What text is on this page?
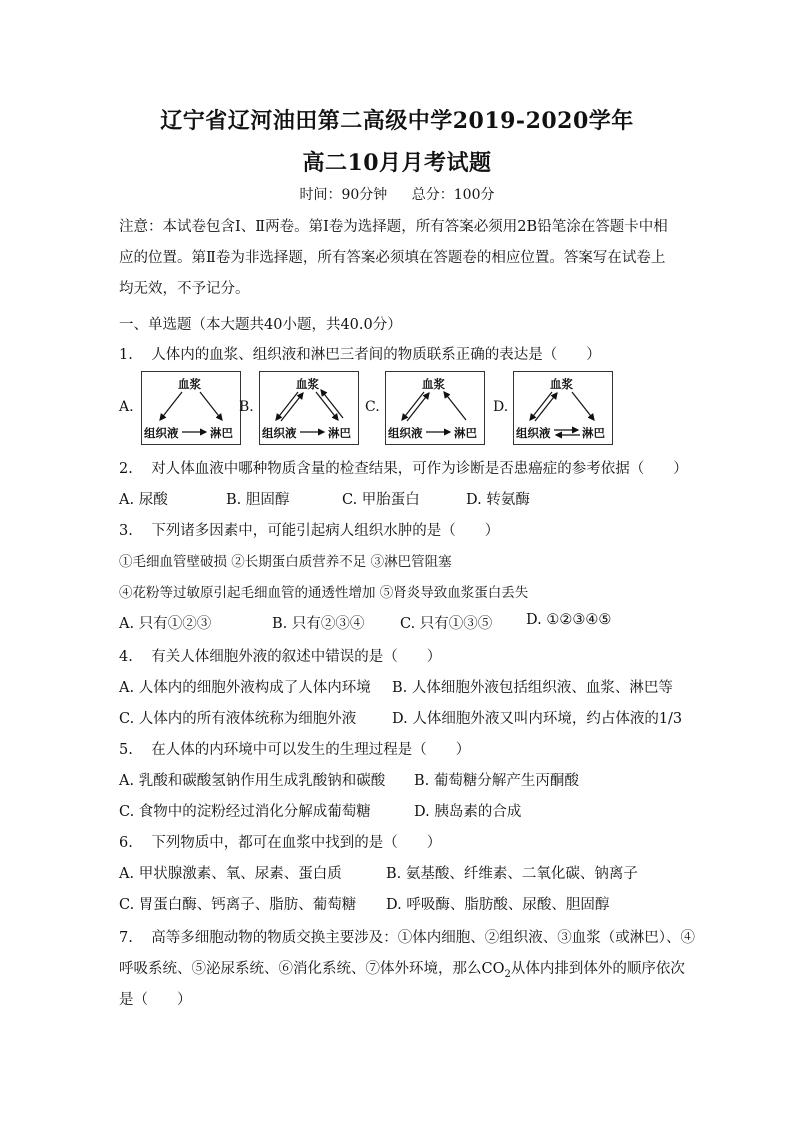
辽宁省辽河油田第二高级中学2019-2020学年
高二10月月考试题
时间：90分钟 总分：100分
注意：本试卷包含Ⅰ、Ⅱ两卷。第Ⅰ卷为选择题，所有答案必须用2B铅笔涂在答题卡中相应的位置。第Ⅱ卷为非选择题，所有答案必须填在答题卷的相应位置。答案写在试卷上均无效，不予记分。
一、单选题（本大题共40小题，共40.0分）
1. 人体内的血浆、组织液和淋巴三者间的物质联系正确的表达是（　　）
A.
血浆
组织液	淋巴
B.
血浆
组织液	淋巴
C.
血浆
组织液	淋巴
D.
血浆
组织液	淋巴
2. 对人体血液中哪种物质含量的检查结果，可作为诊断是否患癌症的参考依据（　　）
A. 尿酸	B. 胆固醇	C. 甲胎蛋白	D. 转氨酶
3. 下列诸多因素中，可能引起病人组织水肿的是（　　）
①毛细血管壁破损 ②长期蛋白质营养不足 ③淋巴管阻塞
④花粉等过敏原引起毛细血管的通透性增加 ⑤肾炎导致血浆蛋白丢失
A. 只有①②③	B. 只有②③④ C. 只有①③⑤ D. ①②③④⑤
4. 有关人体细胞外液的叙述中错误的是（　　）
A. 人体内的细胞外液构成了人体内环境 B. 人体细胞外液包括组织液、血浆、淋巴等
C. 人体内的所有液体统称为细胞外液 D. 人体细胞外液又叫内环境，约占体液的1/3
5. 在人体的内环境中可以发生的生理过程是（　　）
A. 乳酸和碳酸氢钠作用生成乳酸钠和碳酸 B. 葡萄糖分解产生丙酮酸
C. 食物中的淀粉经过消化分解成葡萄糖	D. 胰岛素的合成
6. 下列物质中，都可在血浆中找到的是（　　）
A. 甲状腺激素、氧、尿素、蛋白质	B. 氨基酸、纤维素、二氧化碳、钠离子
C. 胃蛋白酶、钙离子、脂肪、葡萄糖 D. 呼吸酶、脂肪酸、尿酸、胆固醇
7. 高等多细胞动物的物质交换主要涉及：①体内细胞、②组织液、③血浆（或淋巴）、④
呼吸系统、⑤泌尿系统、⑥消化系统、⑦体外环境，那么$CO_2$从体内排到体外的顺序依次
是（　　）
